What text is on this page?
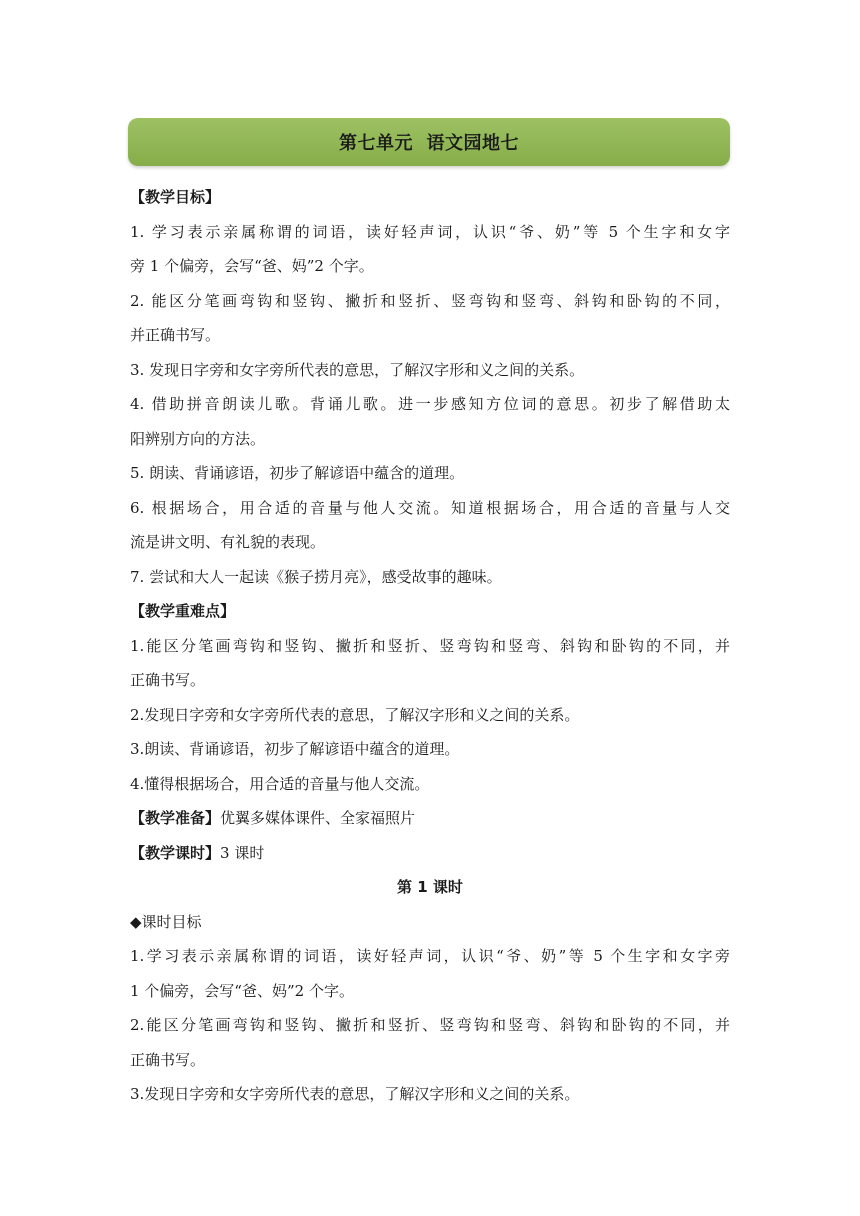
第七单元  语文园地七
【教学目标】
1. 学习表示亲属称谓的词语，读好轻声词，认识“爷、奶”等 5 个生字和女字
旁 1 个偏旁，会写“爸、妈”2 个字。
2. 能区分笔画弯钩和竖钩、撇折和竖折、竖弯钩和竖弯、斜钩和卧钩的不同，
并正确书写。
3. 发现日字旁和女字旁所代表的意思，了解汉字形和义之间的关系。
4. 借助拼音朗读儿歌。背诵儿歌。进一步感知方位词的意思。初步了解借助太
阳辨别方向的方法。
5. 朗读、背诵谚语，初步了解谚语中蕴含的道理。
6. 根据场合，用合适的音量与他人交流。知道根据场合，用合适的音量与人交
流是讲文明、有礼貌的表现。
7. 尝试和大人一起读《猴子捞月亮》，感受故事的趣味。
【教学重难点】
1.能区分笔画弯钩和竖钩、撇折和竖折、竖弯钩和竖弯、斜钩和卧钩的不同，并
正确书写。
2.发现日字旁和女字旁所代表的意思，了解汉字形和义之间的关系。
3.朗读、背诵谚语，初步了解谚语中蕴含的道理。
4.懂得根据场合，用合适的音量与他人交流。
【教学准备】优翼多媒体课件、全家福照片
【教学课时】3 课时
第 1 课时
◆课时目标
1.学习表示亲属称谓的词语，读好轻声词，认识“爷、奶”等 5 个生字和女字旁
1 个偏旁，会写“爸、妈”2 个字。
2.能区分笔画弯钩和竖钩、撇折和竖折、竖弯钩和竖弯、斜钩和卧钩的不同，并
正确书写。
3.发现日字旁和女字旁所代表的意思，了解汉字形和义之间的关系。
